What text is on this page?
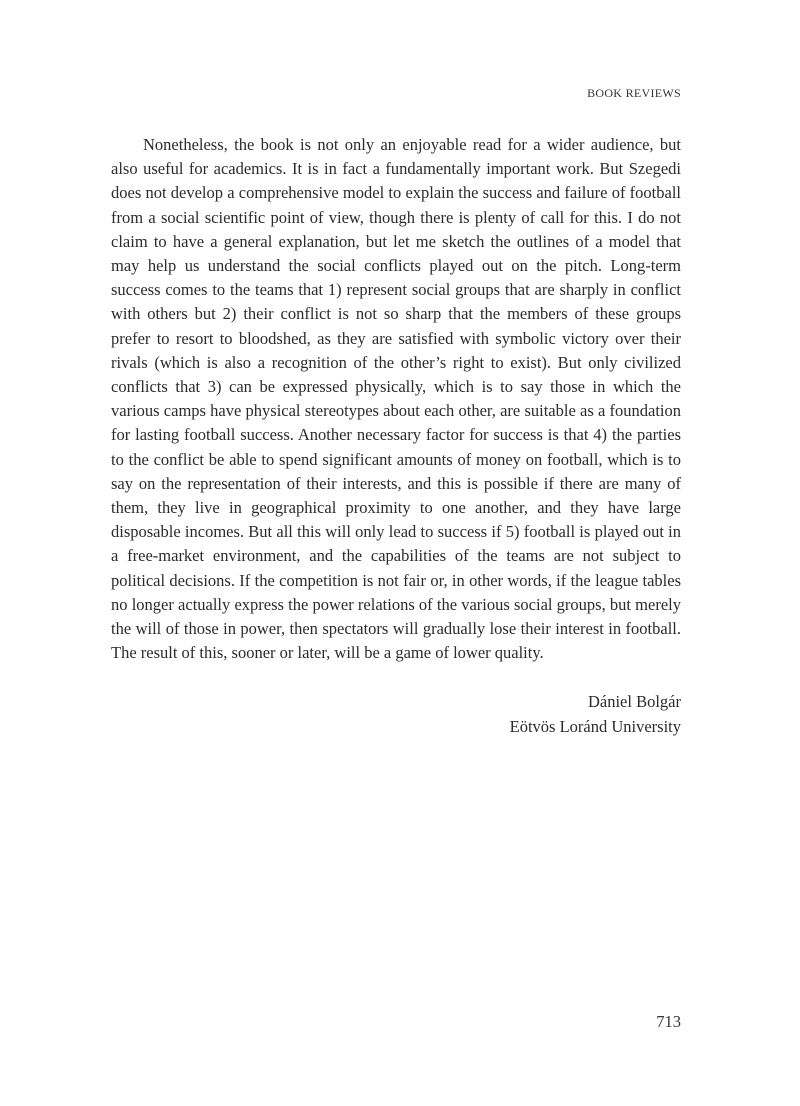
BOOK REVIEWS

Nonetheless, the book is not only an enjoyable read for a wider audience, but also useful for academics. It is in fact a fundamentally important work. But Szegedi does not develop a comprehensive model to explain the success and failure of football from a social scientific point of view, though there is plenty of call for this. I do not claim to have a general explanation, but let me sketch the outlines of a model that may help us understand the social conflicts played out on the pitch. Long-term success comes to the teams that 1) represent social groups that are sharply in conflict with others but 2) their conflict is not so sharp that the members of these groups prefer to resort to bloodshed, as they are satisfied with symbolic victory over their rivals (which is also a recognition of the other’s right to exist). But only civilized conflicts that 3) can be expressed physically, which is to say those in which the various camps have physical stereotypes about each other, are suitable as a foundation for lasting football success. Another necessary factor for success is that 4) the parties to the conflict be able to spend significant amounts of money on football, which is to say on the representation of their interests, and this is possible if there are many of them, they live in geographical proximity to one another, and they have large disposable incomes. But all this will only lead to success if 5) football is played out in a free-market environment, and the capabilities of the teams are not subject to political decisions. If the competition is not fair or, in other words, if the league tables no longer actually express the power relations of the various social groups, but merely the will of those in power, then spectators will gradually lose their interest in football. The result of this, sooner or later, will be a game of lower quality.

Dániel Bolgár
Eötvös Loránd University
713
